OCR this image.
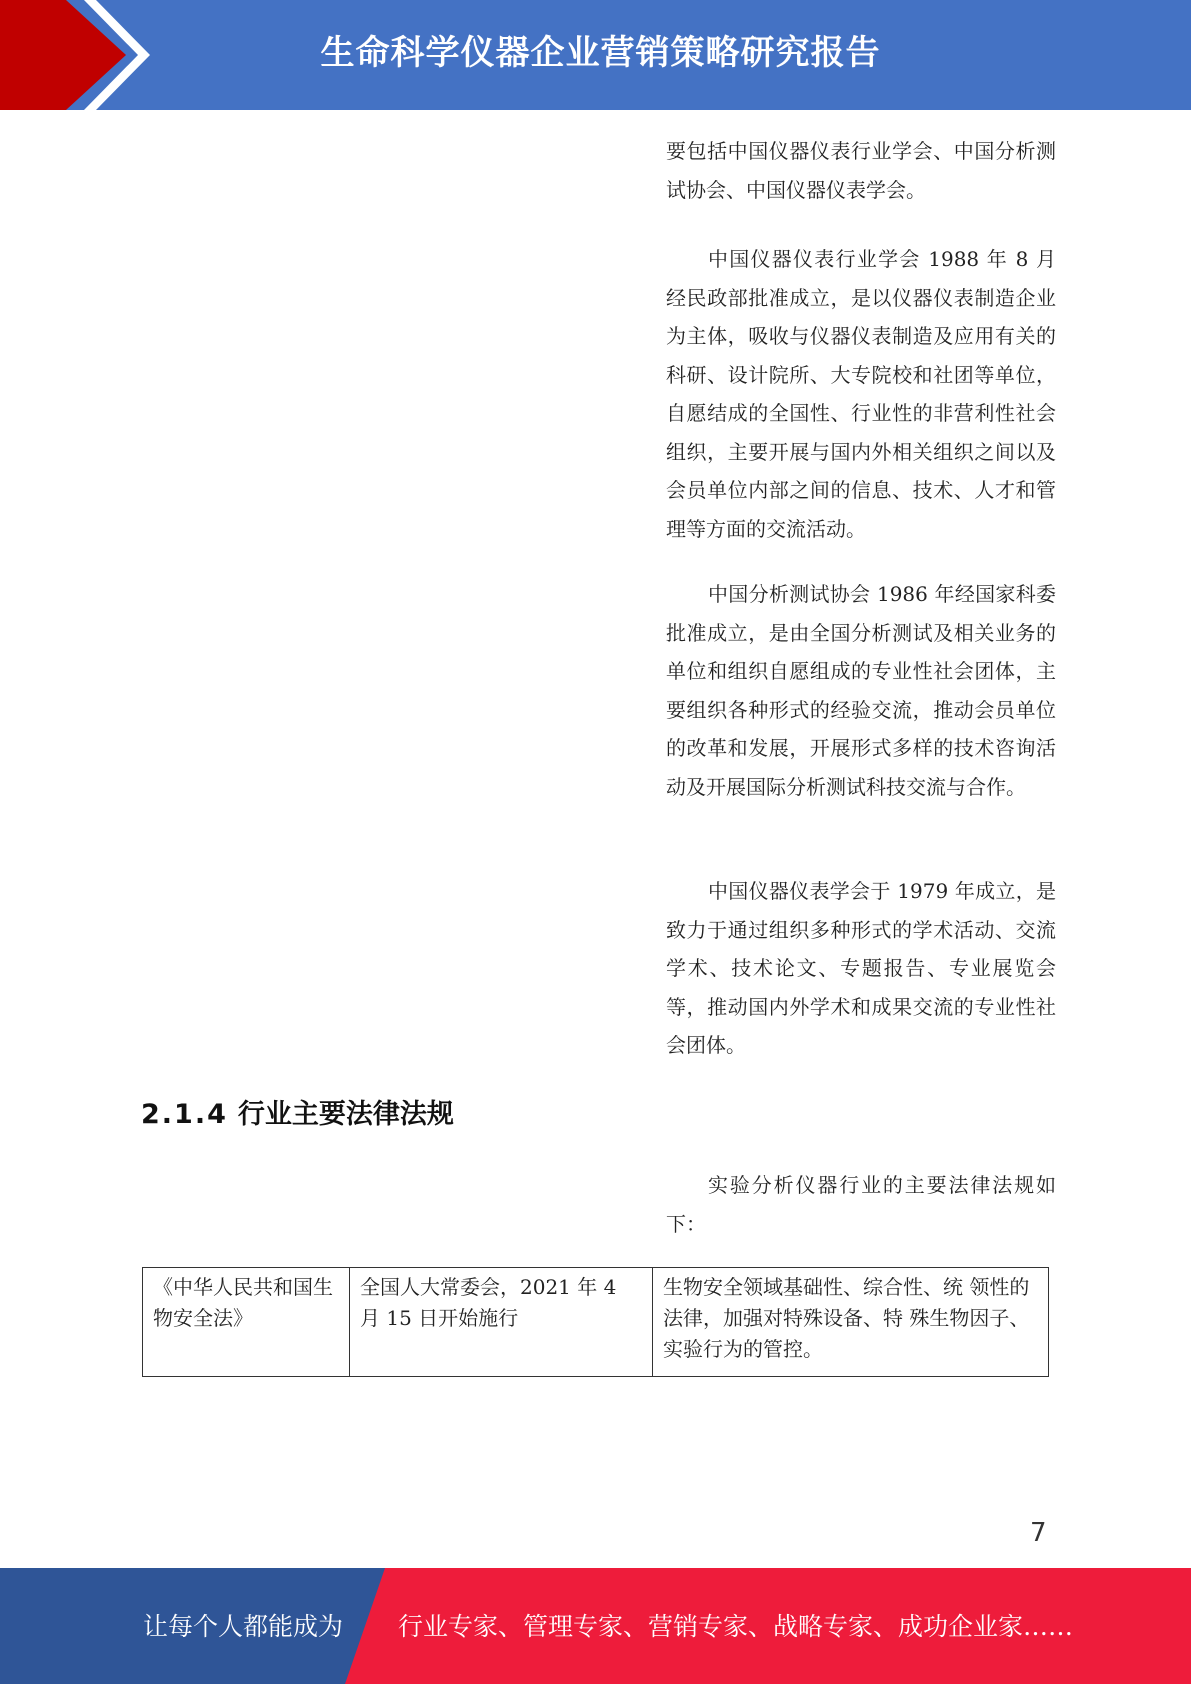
生命科学仪器企业营销策略研究报告

要包括中国仪器仪表行业学会、中国分析测试协会、中国仪器仪表学会。

中国仪器仪表行业学会 1988 年 8 月经民政部批准成立，是以仪器仪表制造企业为主体，吸收与仪器仪表制造及应用有关的科研、设计院所、大专院校和社团等单位，自愿结成的全国性、行业性的非营利性社会组织，主要开展与国内外相关组织之间以及会员单位内部之间的信息、技术、人才和管理等方面的交流活动。

中国分析测试协会 1986 年经国家科委批准成立，是由全国分析测试及相关业务的单位和组织自愿组成的专业性社会团体，主要组织各种形式的经验交流，推动会员单位的改革和发展，开展形式多样的技术咨询活动及开展国际分析测试科技交流与合作。

中国仪器仪表学会于 1979 年成立，是致力于通过组织多种形式的学术活动、交流学术、技术论文、专题报告、专业展览会等，推动国内外学术和成果交流的专业性社会团体。

2.1.4 行业主要法律法规

实验分析仪器行业的主要法律法规如下：

《中华人民共和国生 物安全法》	全国人大常委会，2021 年 4 月 15 日开始施行	生物安全领域基础性、综合性、统 领性的法律，加强对特殊设备、特 殊生物因子、实验行为的管控。
7
让每个人都能成为 行业专家、管理专家、营销专家、战略专家、成功企业家……
